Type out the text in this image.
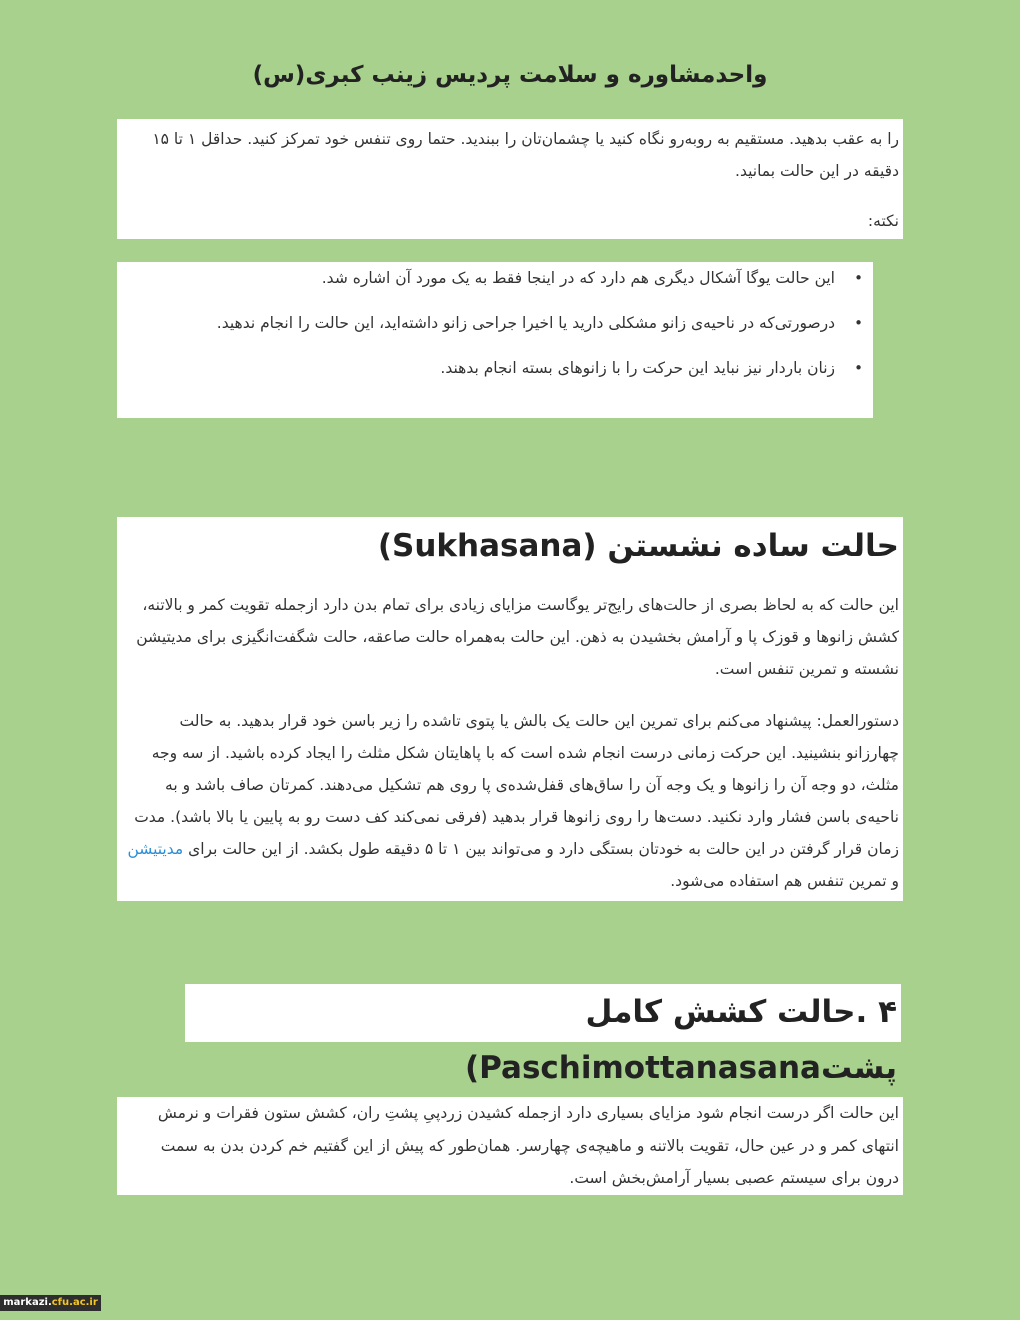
واحدمشاوره و سلامت پردیس زینب کبری(س)

را به عقب بدهید. مستقیم به روبه‌رو نگاه کنید یا چشمان‌تان را ببندید. حتما روی تنفس خود تمرکز کنید. حداقل ۱ تا ۱۵ دقیقه در این حالت بمانید.

نکته:

•
این حالت یوگا آشکال دیگری هم دارد که در اینجا فقط به یک مورد آن اشاره شد.
•
درصورتی‌که در ناحیه‌ی زانو مشکلی دارید یا اخیرا جراحی زانو داشته‌اید، این حالت را انجام ندهید.
•
زنان باردار نیز نباید این حرکت را با زانوهای بسته انجام بدهند.
حالت ساده نشستن (Sukhasana)

این حالت که به لحاظ بصری از حالت‌های رایج‌تر یوگاست مزایای زیادی برای تمام بدن دارد ازجمله تقویت کمر و بالاتنه، کشش زانوها و قوزک پا و آرامش بخشیدن به ذهن. این حالت به‌همراه حالت صاعقه، حالت شگفت‌انگیزی برای مدیتیشن نشسته و تمرین تنفس است.

دستورالعمل: پیشنهاد می‌کنم برای تمرین این حالت یک بالش یا پتوی تاشده را زیر باسن خود قرار بدهید. به حالت چهارزانو بنشینید. این حرکت زمانی درست انجام شده است که با پاهایتان شکل مثلث را ایجاد کرده باشید. از سه وجه مثلث، دو وجه آن را زانوها و یک وجه آن را ساق‌های قفل‌شده‌ی پا روی هم تشکیل می‌دهند. کمرتان صاف باشد و به ناحیه‌ی باسن فشار وارد نکنید. دست‌ها را روی زانوها قرار بدهید (فرقی نمی‌کند کف دست رو به پایین یا بالا باشد). مدت زمان قرار گرفتن در این حالت به خودتان بستگی دارد و می‌تواند بین ۱ تا ۵ دقیقه طول بکشد. از این حالت برای مدیتیشن و تمرین تنفس هم استفاده می‌شود.

۴ .حالت کشش کامل پشتPaschimottanasana)

این حالت اگر درست انجام شود مزایای بسیاری دارد ازجمله کشیدن زردپیِ پشتِ ران، کشش ستون فقرات و نرمش انتهای کمر و در عین حال، تقویت بالاتنه و ماهیچه‌ی چهارسر. همان‌طور که پیش از این گفتیم خم کردن بدن به سمت درون برای سیستم عصبی بسیار آرامش‌بخش است.

markazi.cfu.ac.ir
